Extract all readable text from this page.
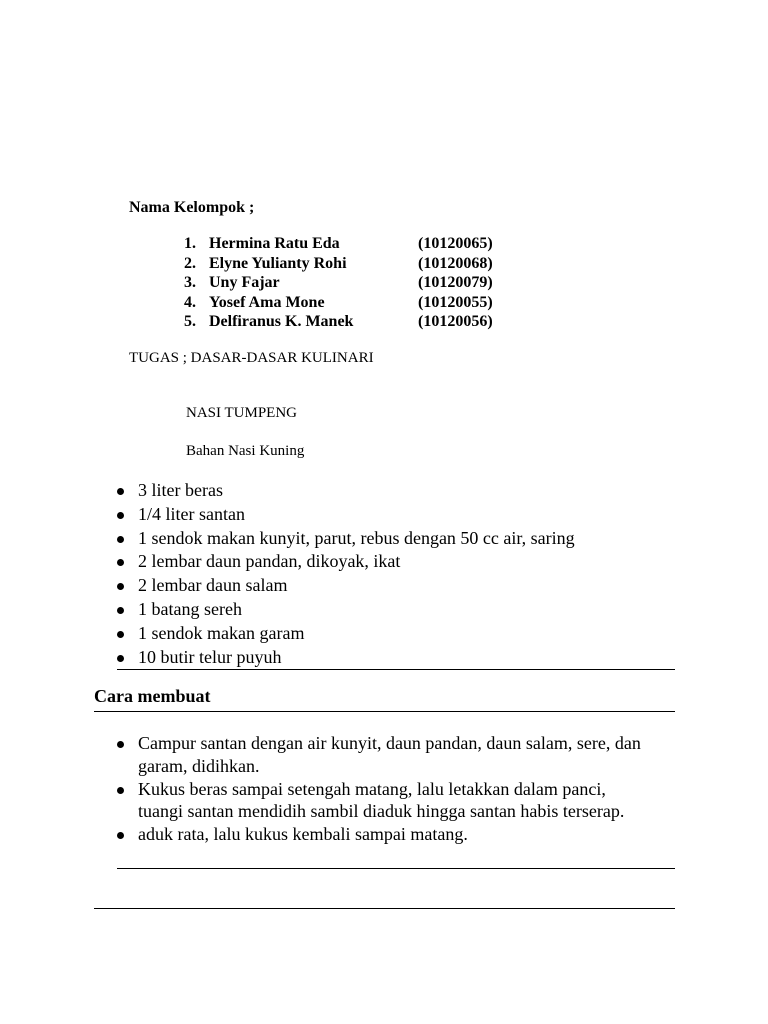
Nama Kelompok ;
1. Hermina Ratu Eda	(10120065)
2. Elyne Yulianty Rohi	(10120068)
3. Uny Fajar	(10120079)
4. Yosef Ama Mone	(10120055)
5. Delfiranus K. Manek	(10120056)
TUGAS ; DASAR-DASAR KULINARI
NASI TUMPENG
Bahan Nasi Kuning
3 liter beras
1/4 liter santan
1 sendok makan kunyit, parut, rebus dengan 50 cc air, saring
2 lembar daun pandan, dikoyak, ikat
2 lembar daun salam
1 batang sereh
1 sendok makan garam
10 butir telur puyuh
Cara membuat
Campur santan dengan air kunyit, daun pandan, daun salam, sere, dan garam, didihkan.
Kukus beras sampai setengah matang, lalu letakkan dalam panci, tuangi santan mendidih sambil diaduk hingga santan habis terserap.
aduk rata, lalu kukus kembali sampai matang.
